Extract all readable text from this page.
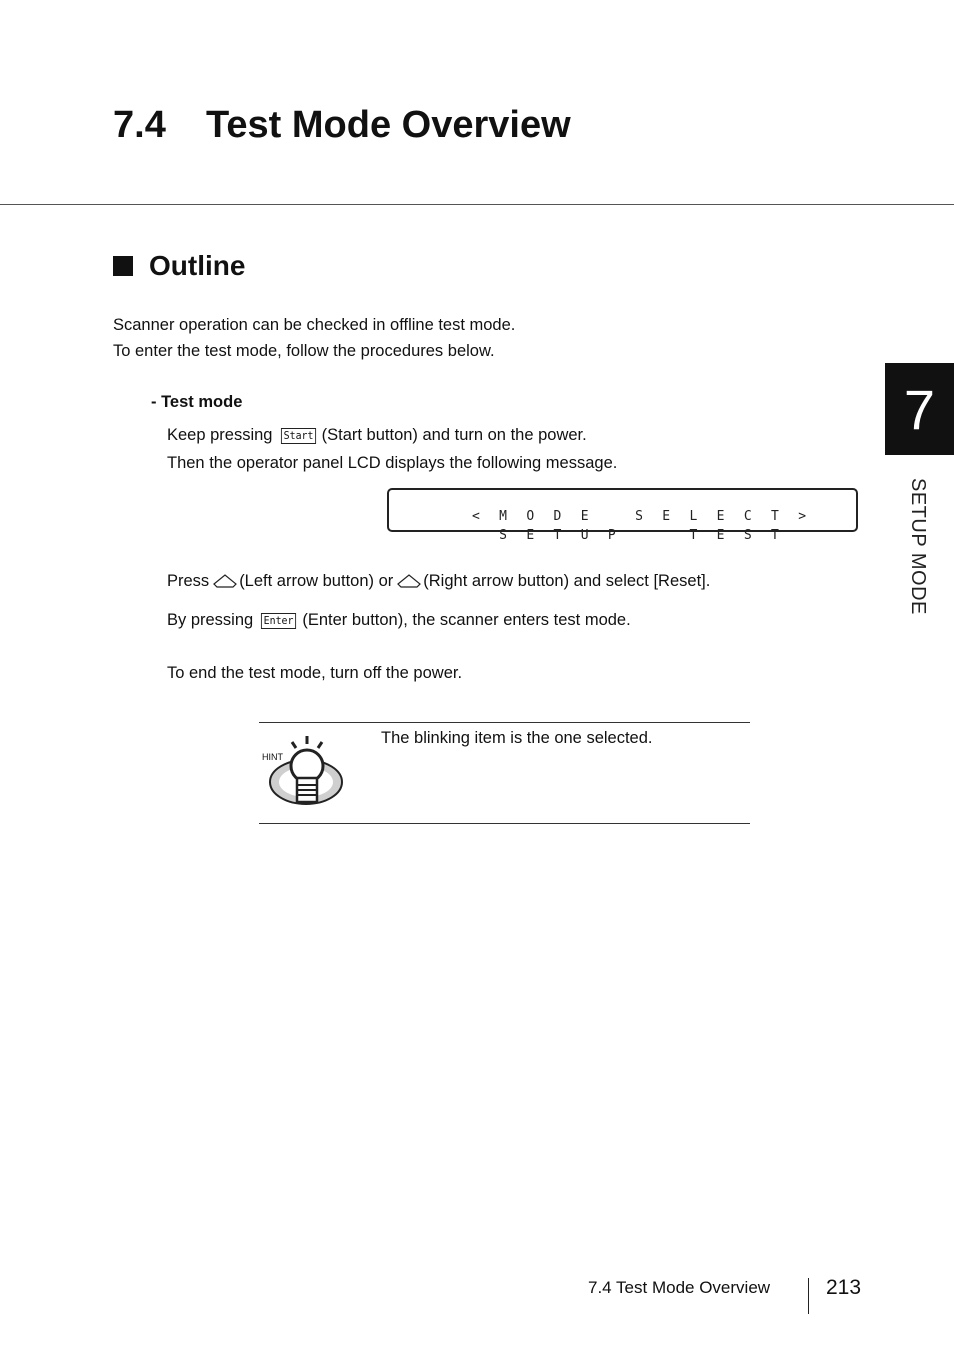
7.4 Test Mode Overview
Outline
Scanner operation can be checked in offline test mode.
To enter the test mode, follow the procedures below.
- Test mode
Keep pressing Start (Start button) and turn on the power.
Then the operator panel LCD displays the following message.

< M O D E	S E L E C T >

S E T U P	T E S T

Press (Left arrow button) or (Right arrow button) and select [Reset].
By pressing Enter (Enter button), the scanner enters test mode.
To end the test mode, turn off the power.
HINT
The blinking item is the one selected.
7
SETUP MODE
7.4 Test Mode Overview	213
